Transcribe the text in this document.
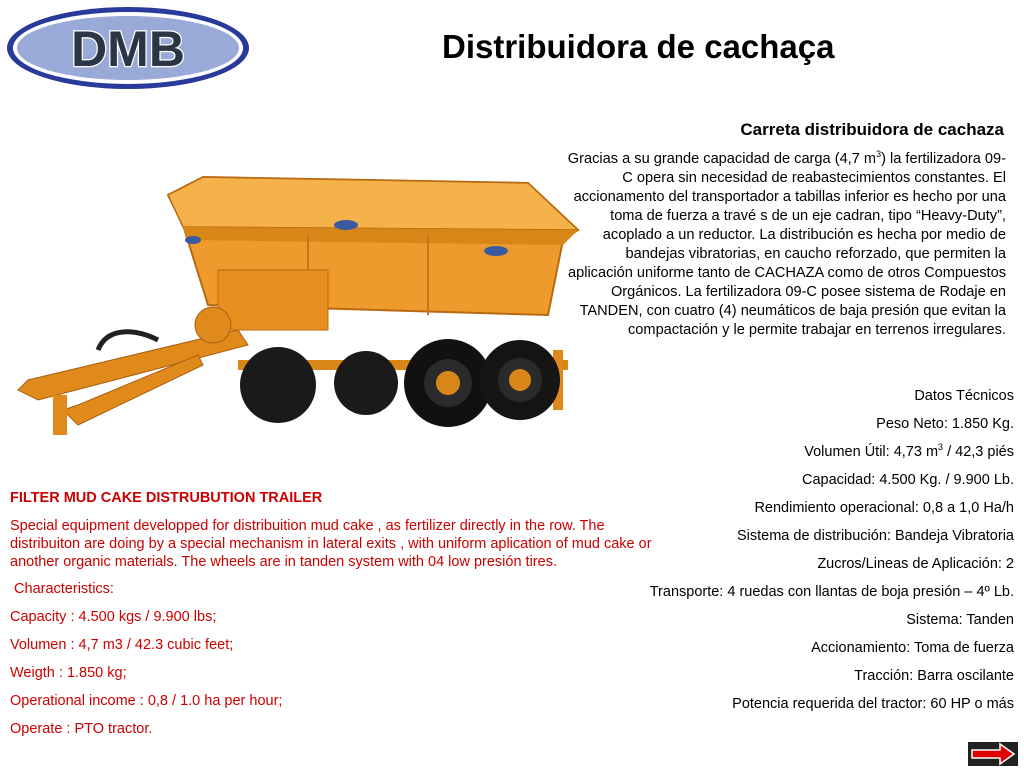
DMB	Distribuidora de cachaça
Carreta distribuidora de cachaza
Gracias a su grande capacidad de carga (4,7 $m^3$) la fertilizadora 09-C opera sin necesidad de reabastecimientos constantes. El accionamento del transportador a tabillas inferior es hecho por una toma de fuerza a travé s de un eje cadran, tipo “Heavy-Duty”, acoplado a un reductor. La distribución es hecha por medio de bandejas vibratorias, en caucho reforzado, que permiten la aplicación uniforme tanto de CACHAZA como de otros Compuestos Orgánicos. La fertilizadora 09-C posee sistema de Rodaje en TANDEN, con cuatro (4) neumáticos de baja presión que evitan la compactación y le permite trabajar en terrenos irregulares.
Datos Técnicos
Peso Neto: 1.850 Kg.
Volumen Útil: 4,73 $m^3 / 42,3$ piés
Capacidad: 4.500 Kg. / 9.900 Lb.
Rendimiento operacional: 0,8 a 1,0 Ha/h
Sistema de distribución: Bandeja Vibratoria
Zucros/Lineas de Aplicación: 2
Transporte: 4 ruedas con llantas de boja presión – 4º Lb.
Sistema: Tanden
Accionamiento: Toma de fuerza
Tracción: Barra oscilante
Potencia requerida del tractor: 60 HP o más
FILTER MUD CAKE DISTRUBUTION TRAILER
Special equipment developped for distribuition mud cake , as fertilizer directly in the row. The distribuiton are doing by a special mechanism in lateral exits , with uniform aplication of mud cake or another organic materials. The wheels are in tanden system with 04 low presión tires.
Characteristics:
Capacity : 4.500 kgs / 9.900 lbs;
Volumen : 4,7 m3 / 42.3 cubic feet;
Weigth : 1.850 kg;
Operational income : 0,8 / 1.0 ha per hour;
Operate : PTO tractor.
